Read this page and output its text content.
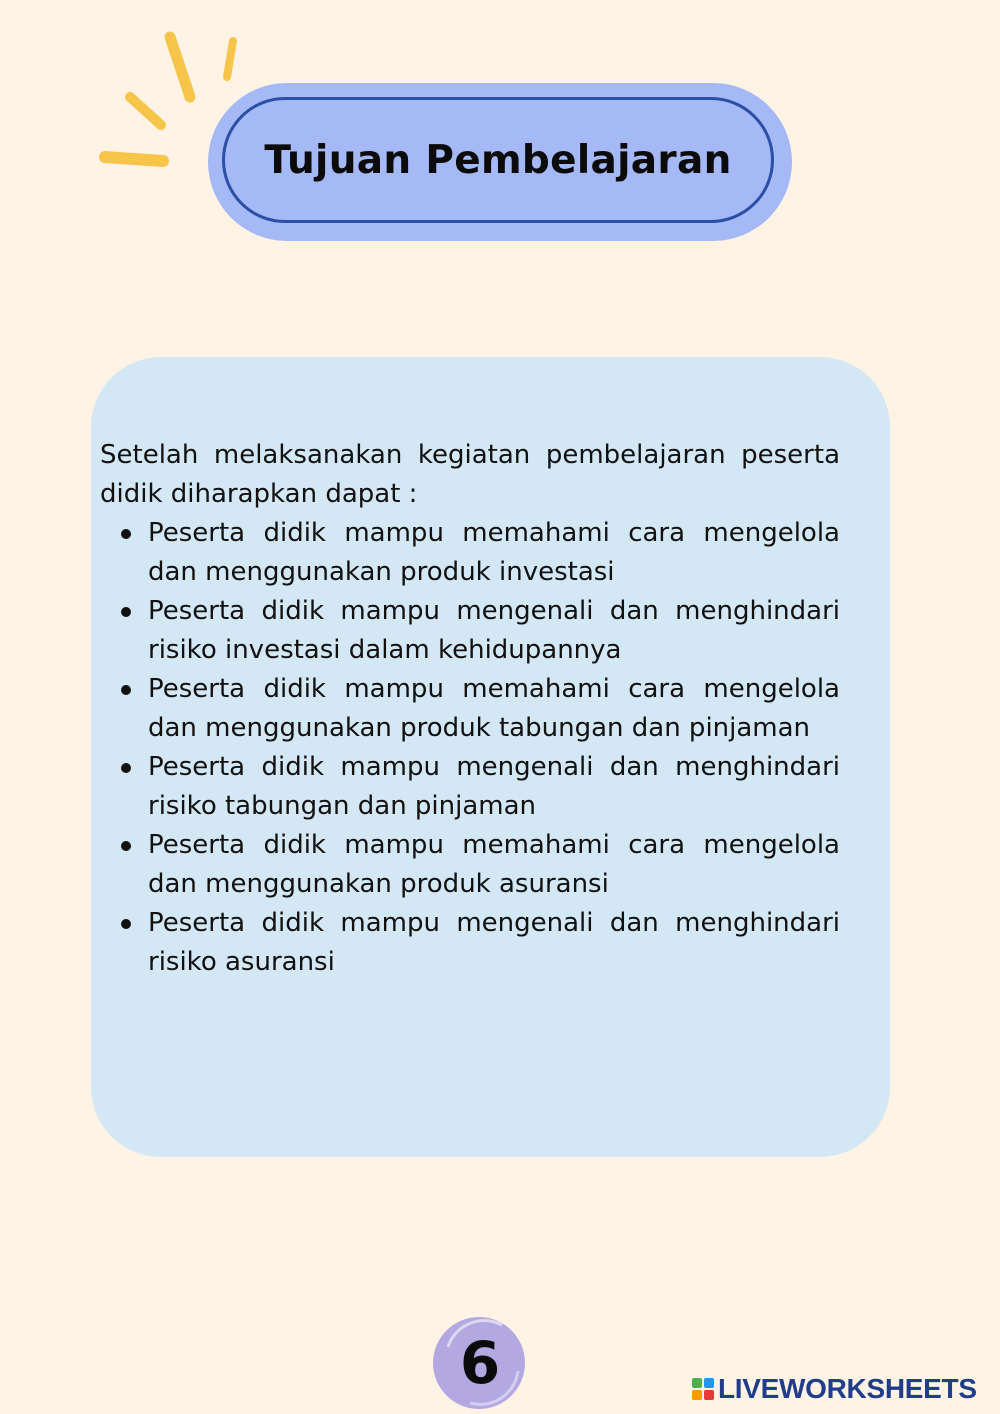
Tujuan Pembelajaran

Setelah melaksanakan kegiatan pembelajaran peserta didik diharapkan dapat :

Peserta didik mampu memahami cara mengelola dan menggunakan produk investasi
Peserta didik mampu mengenali dan menghindari risiko investasi dalam kehidupannya
Peserta didik mampu memahami cara mengelola dan menggunakan produk tabungan dan pinjaman
Peserta didik mampu mengenali dan menghindari risiko tabungan dan pinjaman
Peserta didik mampu memahami cara mengelola dan menggunakan produk asuransi
Peserta didik mampu mengenali dan menghindari risiko asuransi
6	LIVEWORKSHEETS
